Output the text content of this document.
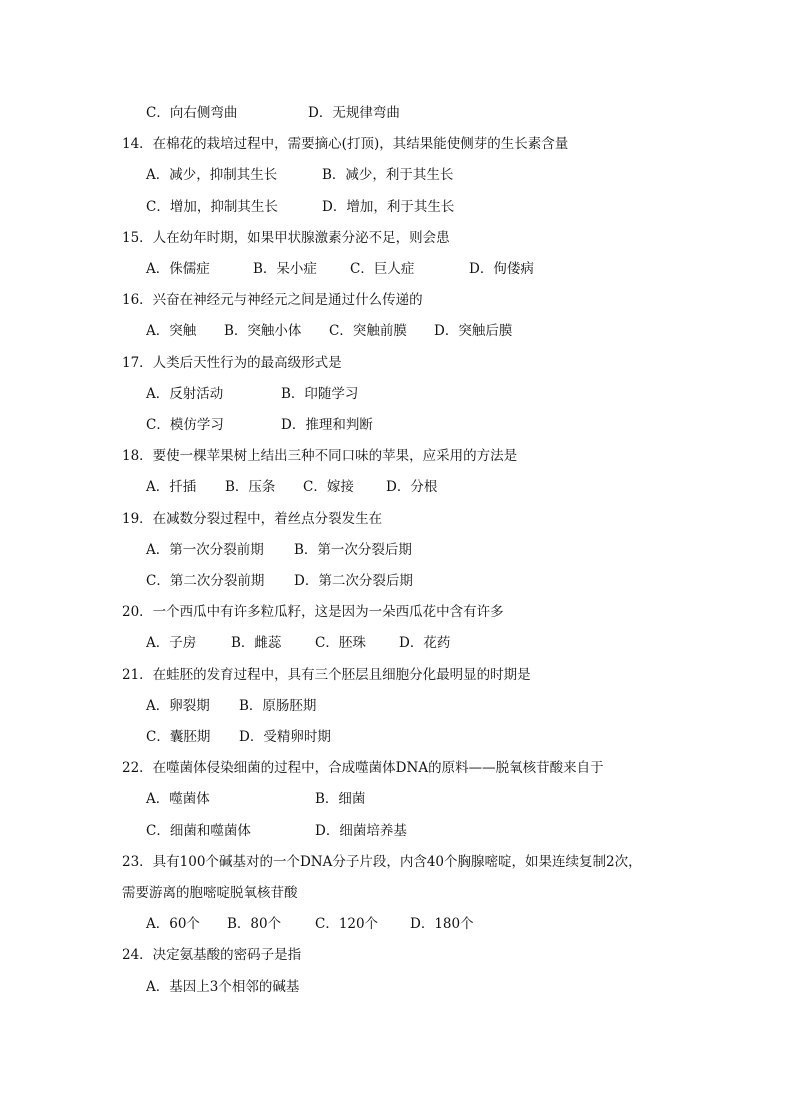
C．向右侧弯曲	D．无规律弯曲
14．在棉花的栽培过程中，需要摘心(打顶)，其结果能使侧芽的生长素含量
A．减少，抑制其生长	B．减少，利于其生长
C．增加，抑制其生长	D．增加，利于其生长
15．人在幼年时期，如果甲状腺激素分泌不足，则会患
A．侏儒症	B．呆小症 C．巨人症	D．佝偻病
16．兴奋在神经元与神经元之间是通过什么传递的
A．突触 B．突触小体 C．突触前膜 D．突触后膜
17．人类后天性行为的最高级形式是
A．反射活动	B．印随学习
C．模仿学习	D．推理和判断
18．要使一棵苹果树上结出三种不同口味的苹果，应采用的方法是
A．扦插 B．压条 C．嫁接 D．分根
19．在减数分裂过程中，着丝点分裂发生在
A．第一次分裂前期 B．第一次分裂后期
C．第二次分裂前期 D．第二次分裂后期
20．一个西瓜中有许多粒瓜籽，这是因为一朵西瓜花中含有许多
A．子房	B．雌蕊 C．胚珠 D．花药
21．在蛙胚的发育过程中，具有三个胚层且细胞分化最明显的时期是
A．卵裂期 B．原肠胚期
C．囊胚期 D．受精卵时期
22．在噬菌体侵染细菌的过程中，合成噬菌体DNA的原料——脱氧核苷酸来自于
A．噬菌体	B．细菌
C．细菌和噬菌体	D．细菌培养基
23．具有100个碱基对的一个DNA分子片段，内含40个胸腺嘧啶，如果连续复制2次，
需要游离的胞嘧啶脱氧核苷酸
A．60个 B．80个	C．120个 D．180个
24．决定氨基酸的密码子是指
A．基因上3个相邻的碱基
